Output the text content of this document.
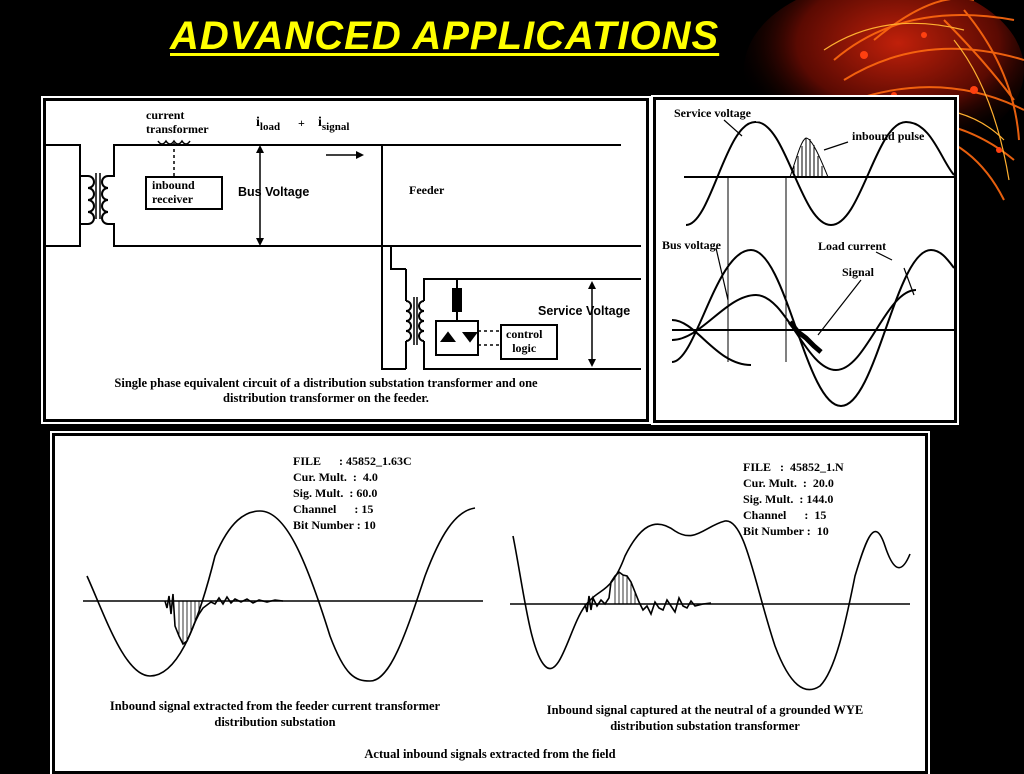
ADVANCED APPLICATIONS
current
transformer	$i_{load} + i_{signal}$
inbound
receiver	Bus Voltage	Feeder
Service Voltage
control
logic
Single phase equivalent circuit of a distribution substation transformer and one
distribution transformer on the feeder.
Service voltage
inbound pulse
Bus voltage	Load current
Signal
FILE : 45852_1.63C
Cur. Mult. :  4.0
Sig. Mult. : 60.0
Channel : 15
Bit Number : 10
FILE :  45852_1.N
Cur. Mult. :  20.0
Sig. Mult. : 144.0
Channel :  15
Bit Number :  10
Inbound signal extracted from the feeder current transformer
distribution substation
Inbound signal captured at the neutral of a grounded WYE
distribution substation transformer
Actual inbound signals extracted from the field
